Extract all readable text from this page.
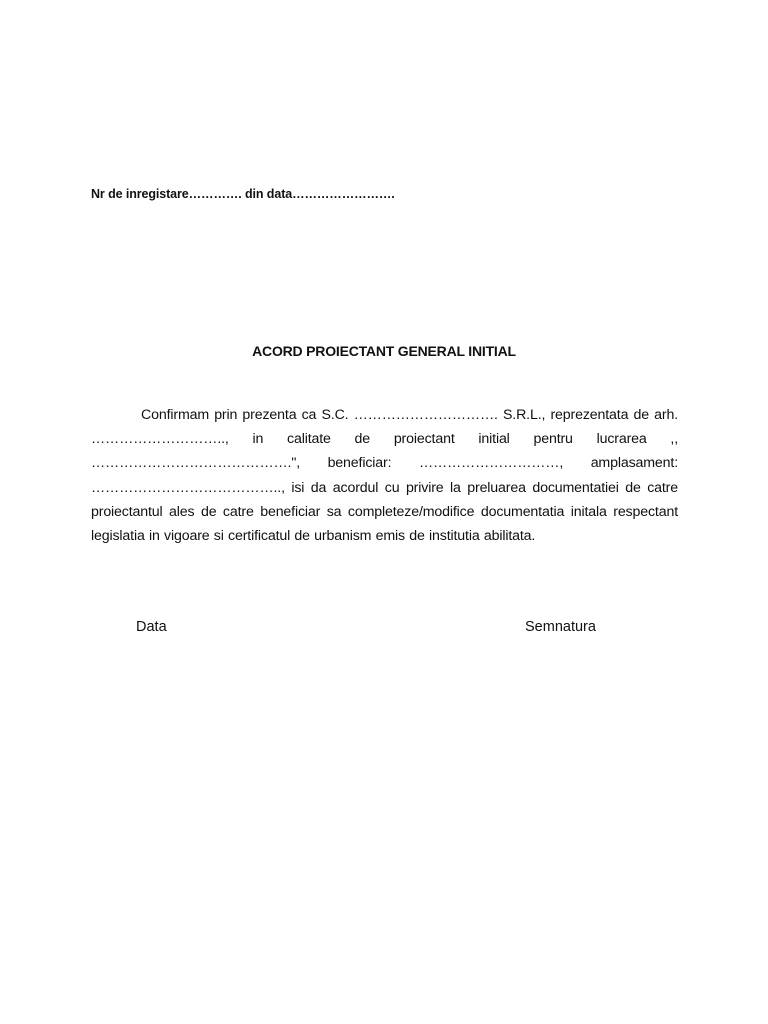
Nr de inregistare…………. din data…………………….
ACORD PROIECTANT GENERAL INITIAL

Confirmam prin prezenta ca S.C. …………………………. S.R.L., reprezentata de arh. ……………………….., in calitate de proiectant initial pentru lucrarea ,, …………………………………….", beneficiar: …………………………, amplasament: ………………………………….., isi da acordul cu privire la preluarea documentatiei de catre proiectantul ales de catre beneficiar sa completeze/modifice documentatia initala respectant legislatia in vigoare si certificatul de urbanism emis de institutia abilitata.

Data	Semnatura
